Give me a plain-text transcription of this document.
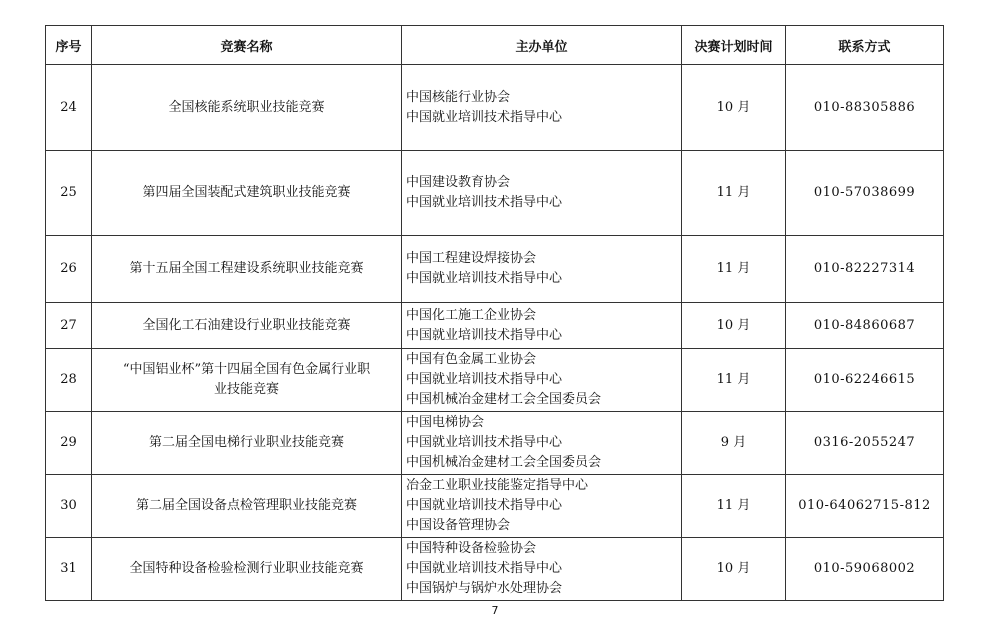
序号	竞赛名称	主办单位	决赛计划时间	联系方式
24	全国核能系统职业技能竞赛	中国核能行业协会
中国就业培训技术指导中心	10 月	010-88305886
25	第四届全国装配式建筑职业技能竞赛	中国建设教育协会
中国就业培训技术指导中心	11 月	010-57038699
26	第十五届全国工程建设系统职业技能竞赛	中国工程建设焊接协会
中国就业培训技术指导中心	11 月	010-82227314
27	全国化工石油建设行业职业技能竞赛	中国化工施工企业协会
中国就业培训技术指导中心	10 月	010-84860687
28	“中国铝业杯”第十四届全国有色金属行业职业技能竞赛	中国有色金属工业协会
中国就业培训技术指导中心
中国机械冶金建材工会全国委员会	11 月	010-62246615
29	第二届全国电梯行业职业技能竞赛	中国电梯协会
中国就业培训技术指导中心
中国机械冶金建材工会全国委员会	9 月	0316-2055247
30	第二届全国设备点检管理职业技能竞赛	冶金工业职业技能鉴定指导中心
中国就业培训技术指导中心
中国设备管理协会	11 月	010-64062715-812
31	全国特种设备检验检测行业职业技能竞赛	中国特种设备检验协会
中国就业培训技术指导中心
中国锅炉与锅炉水处理协会	10 月	010-59068002
7
